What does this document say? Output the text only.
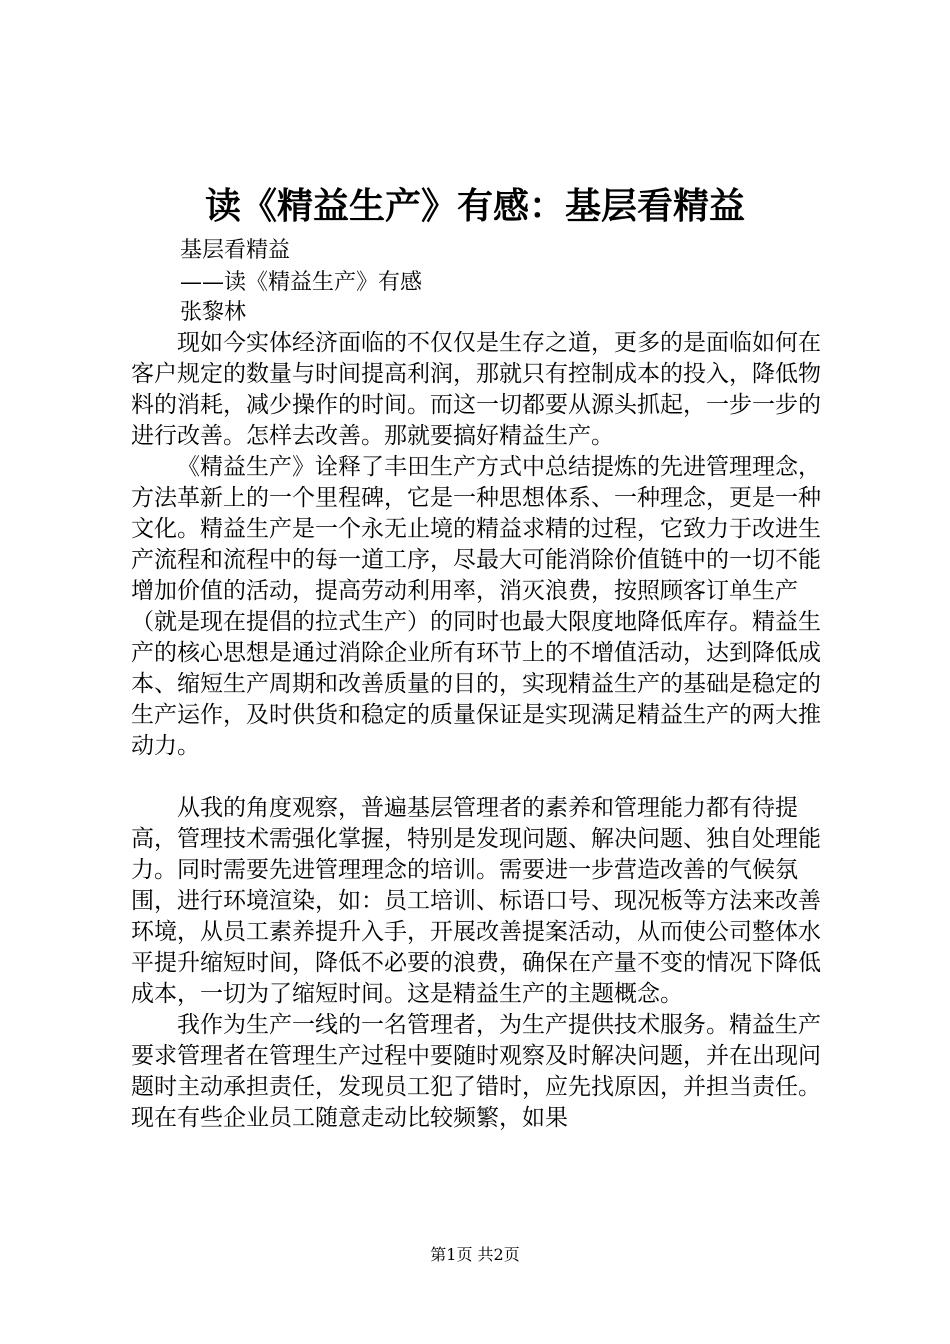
读《精益生产》有感：基层看精益
基层看精益
——读《精益生产》有感
张黎林

现如今实体经济面临的不仅仅是生存之道，更多的是面临如何在客户规定的数量与时间提高利润，那就只有控制成本的投入，降低物料的消耗，减少操作的时间。而这一切都要从源头抓起，一步一步的进行改善。怎样去改善。那就要搞好精益生产。

《精益生产》诠释了丰田生产方式中总结提炼的先进管理理念，方法革新上的一个里程碑，它是一种思想体系、一种理念，更是一种文化。精益生产是一个永无止境的精益求精的过程，它致力于改进生产流程和流程中的每一道工序，尽最大可能消除价值链中的一切不能增加价值的活动，提高劳动利用率，消灭浪费，按照顾客订单生产（就是现在提倡的拉式生产）的同时也最大限度地降低库存。精益生产的核心思想是通过消除企业所有环节上的不增值活动，达到降低成本、缩短生产周期和改善质量的目的，实现精益生产的基础是稳定的生产运作，及时供货和稳定的质量保证是实现满足精益生产的两大推动力。

从我的角度观察，普遍基层管理者的素养和管理能力都有待提高，管理技术需强化掌握，特别是发现问题、解决问题、独自处理能力。同时需要先进管理理念的培训。需要进一步营造改善的气候氛围，进行环境渲染，如：员工培训、标语口号、现况板等方法来改善环境，从员工素养提升入手，开展改善提案活动，从而使公司整体水平提升缩短时间，降低不必要的浪费，确保在产量不变的情况下降低成本，一切为了缩短时间。这是精益生产的主题概念。

我作为生产一线的一名管理者，为生产提供技术服务。精益生产要求管理者在管理生产过程中要随时观察及时解决问题，并在出现问题时主动承担责任，发现员工犯了错时，应先找原因，并担当责任。现在有些企业员工随意走动比较频繁，如果

第1页 共2页
